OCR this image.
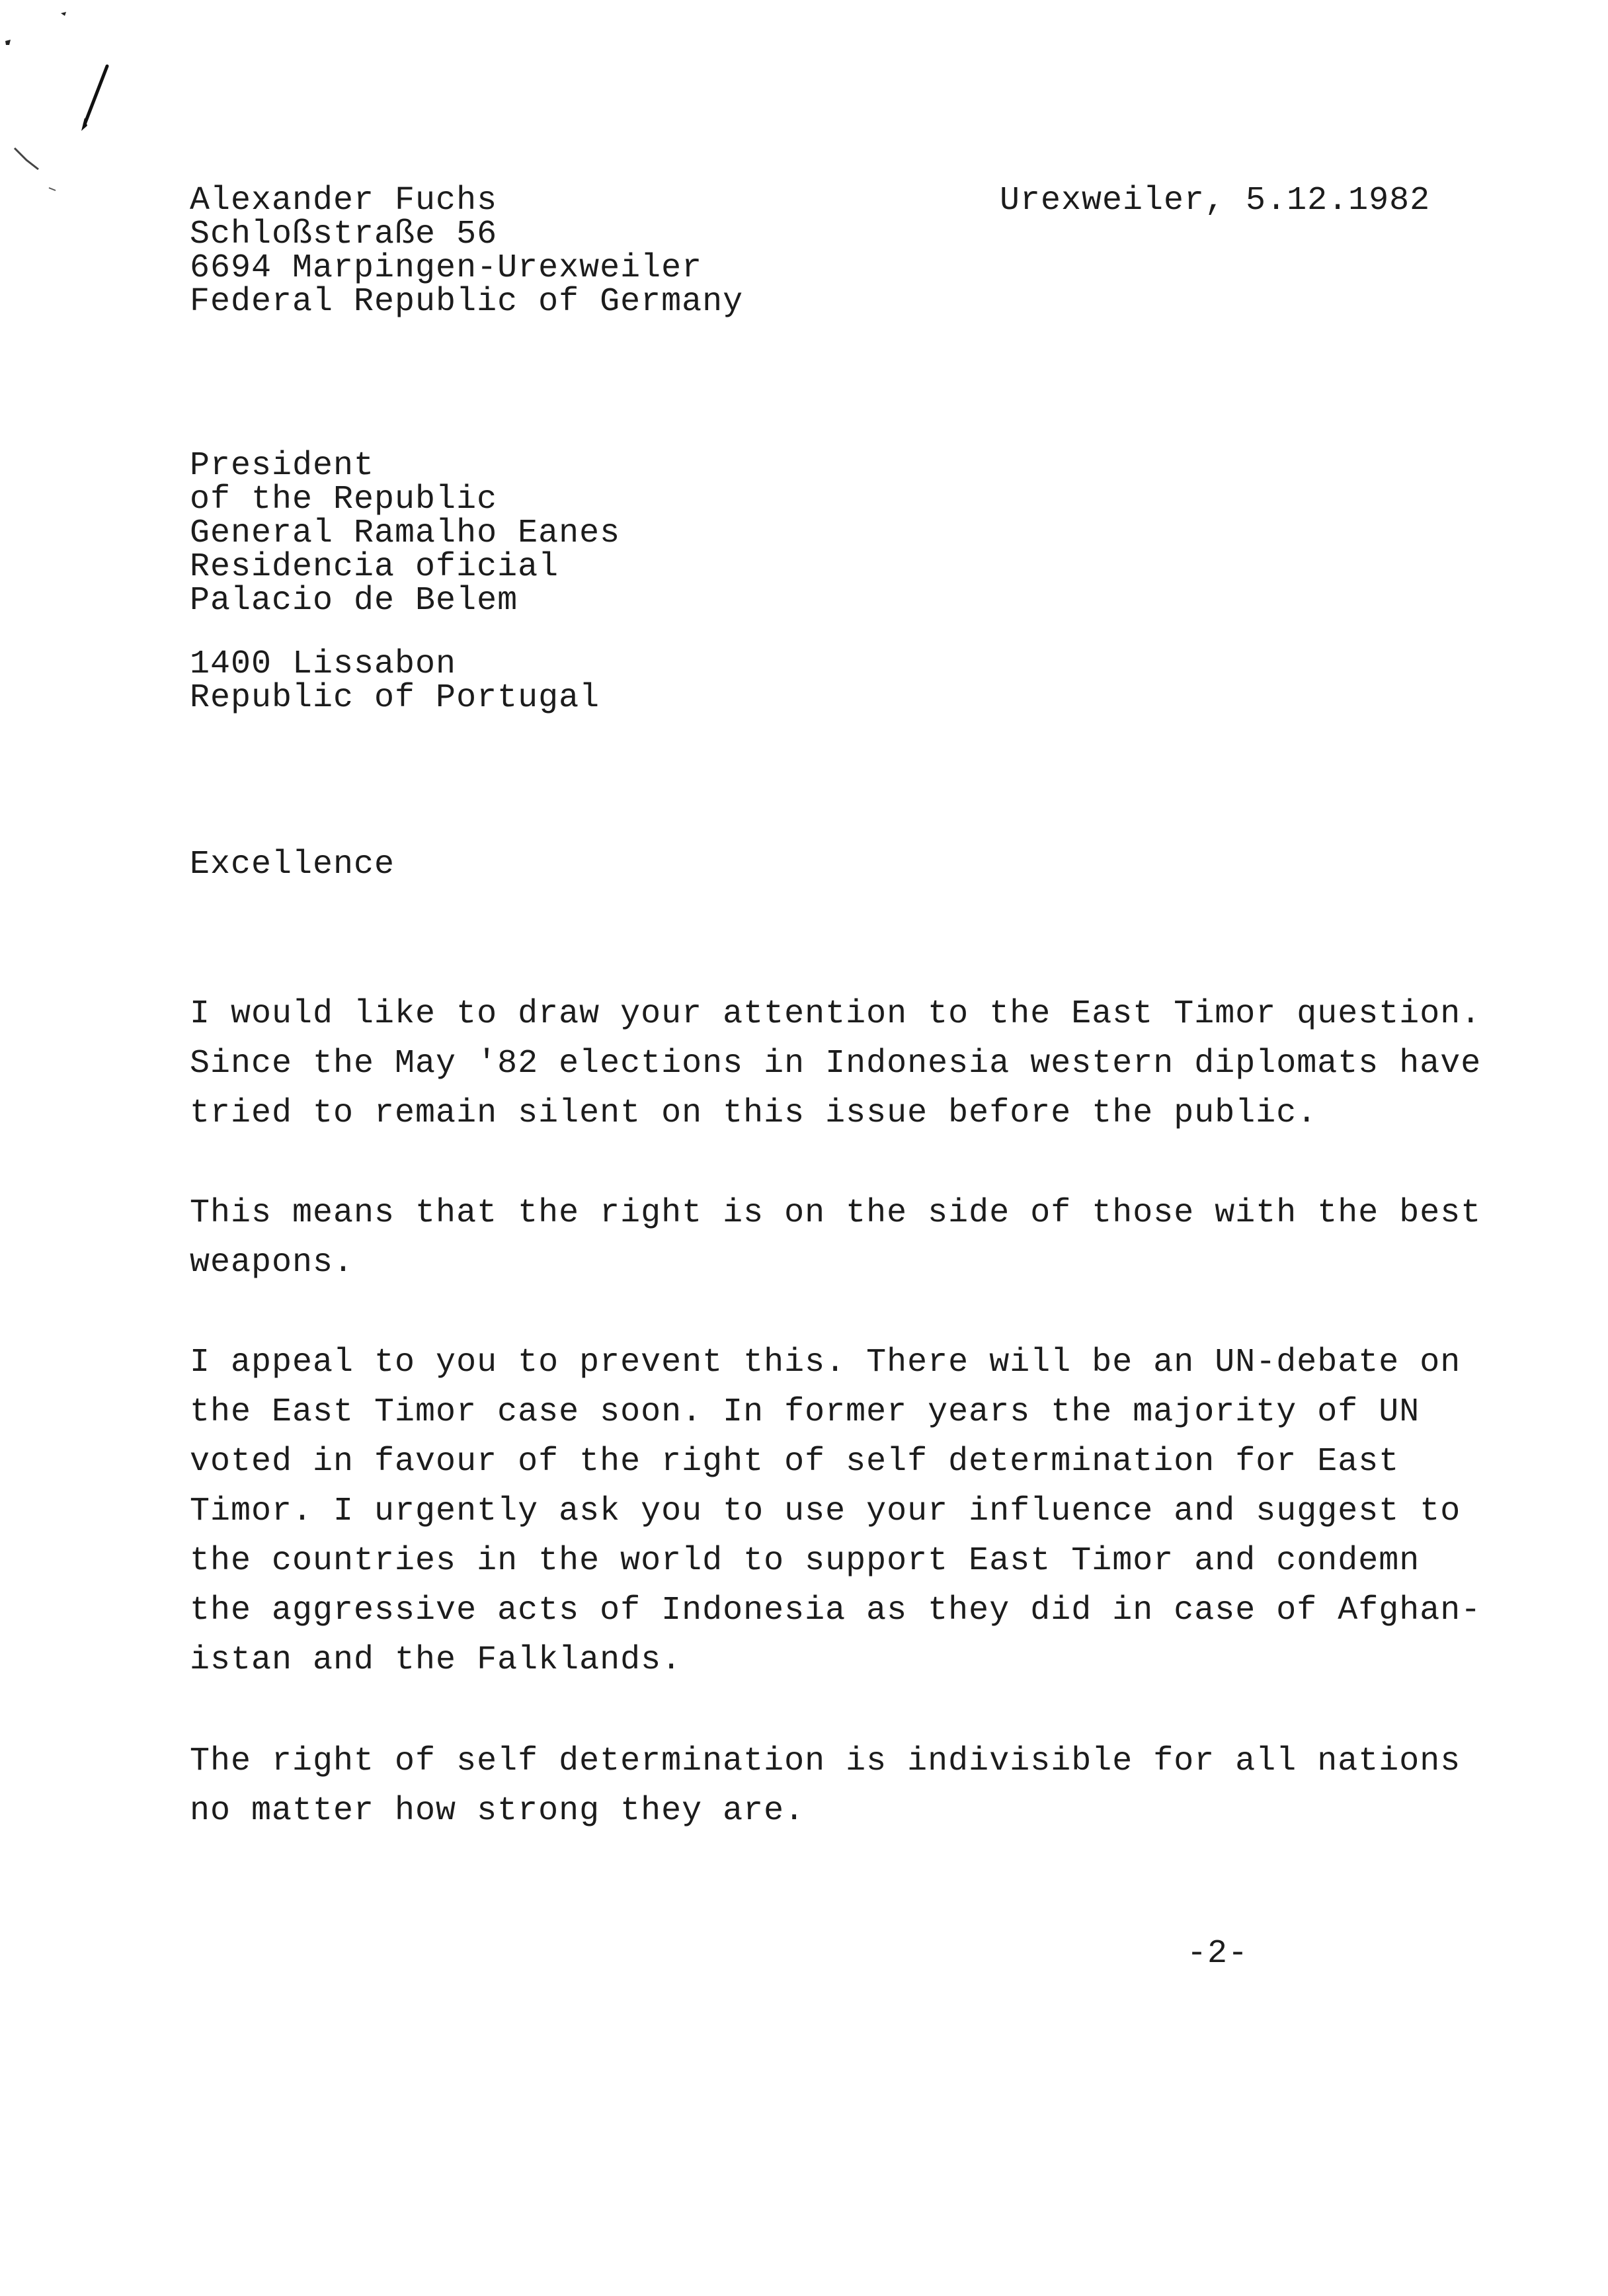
Alexander Fuchs
Schloßstraße 56
6694 Marpingen-Urexweiler
Federal Republic of Germany
Urexweiler, 5.12.1982
President
of the Republic
General Ramalho Eanes
Residencia oficial
Palacio de Belem
1400 Lissabon
Republic of Portugal
Excellence
I would like to draw your attention to the East Timor question.
Since the May '82 elections in Indonesia western diplomats have
tried to remain silent on this issue before the public.
This means that the right is on the side of those with the best
weapons.
I appeal to you to prevent this. There will be an UN-debate on
the East Timor case soon. In former years the majority of UN
voted in favour of the right of self determination for East
Timor. I urgently ask you to use your influence and suggest to
the countries in the world to support East Timor and condemn
the aggressive acts of Indonesia as they did in case of Afghan-
istan and the Falklands.
The right of self determination is indivisible for all nations
no matter how strong they are.
-2-
